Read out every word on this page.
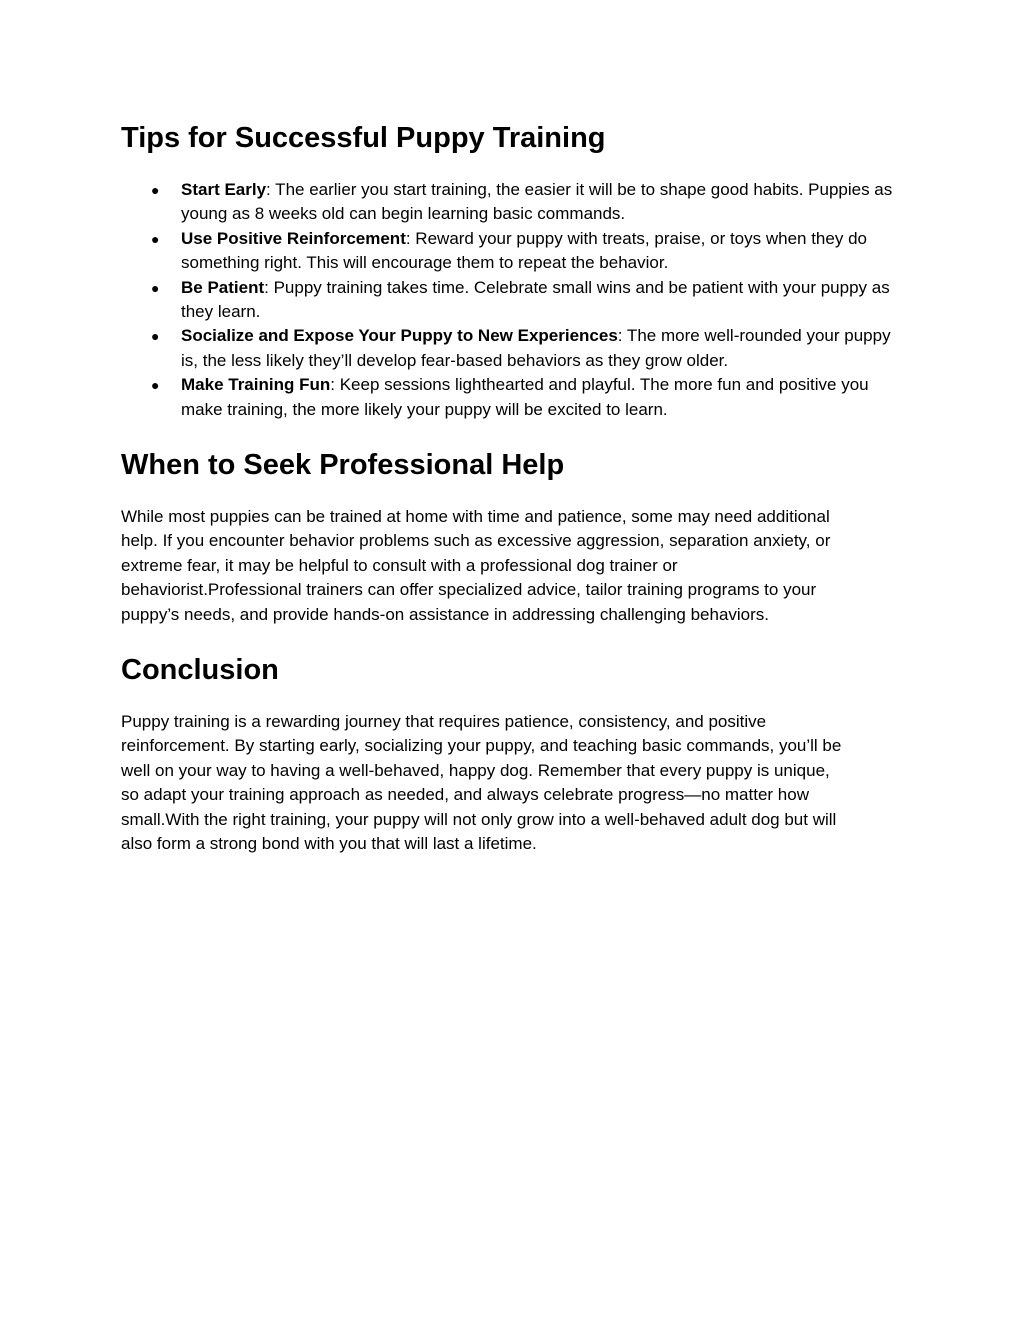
Tips for Successful Puppy Training
● Start Early: The earlier you start training, the easier it will be to shape good habits. Puppies as young as 8 weeks old can begin learning basic commands.
● Use Positive Reinforcement: Reward your puppy with treats, praise, or toys when they do something right. This will encourage them to repeat the behavior.
● Be Patient: Puppy training takes time. Celebrate small wins and be patient with your puppy as they learn.
● Socialize and Expose Your Puppy to New Experiences: The more well-rounded your puppy is, the less likely they’ll develop fear-based behaviors as they grow older.
● Make Training Fun: Keep sessions lighthearted and playful. The more fun and positive you make training, the more likely your puppy will be excited to learn.
When to Seek Professional Help

While most puppies can be trained at home with time and patience, some may need additional
help. If you encounter behavior problems such as excessive aggression, separation anxiety, or
extreme fear, it may be helpful to consult with a professional dog trainer or
behaviorist.Professional trainers can offer specialized advice, tailor training programs to your
puppy’s needs, and provide hands-on assistance in addressing challenging behaviors.

Conclusion

Puppy training is a rewarding journey that requires patience, consistency, and positive
reinforcement. By starting early, socializing your puppy, and teaching basic commands, you’ll be
well on your way to having a well-behaved, happy dog. Remember that every puppy is unique,
so adapt your training approach as needed, and always celebrate progress—no matter how
small.With the right training, your puppy will not only grow into a well-behaved adult dog but will
also form a strong bond with you that will last a lifetime.
